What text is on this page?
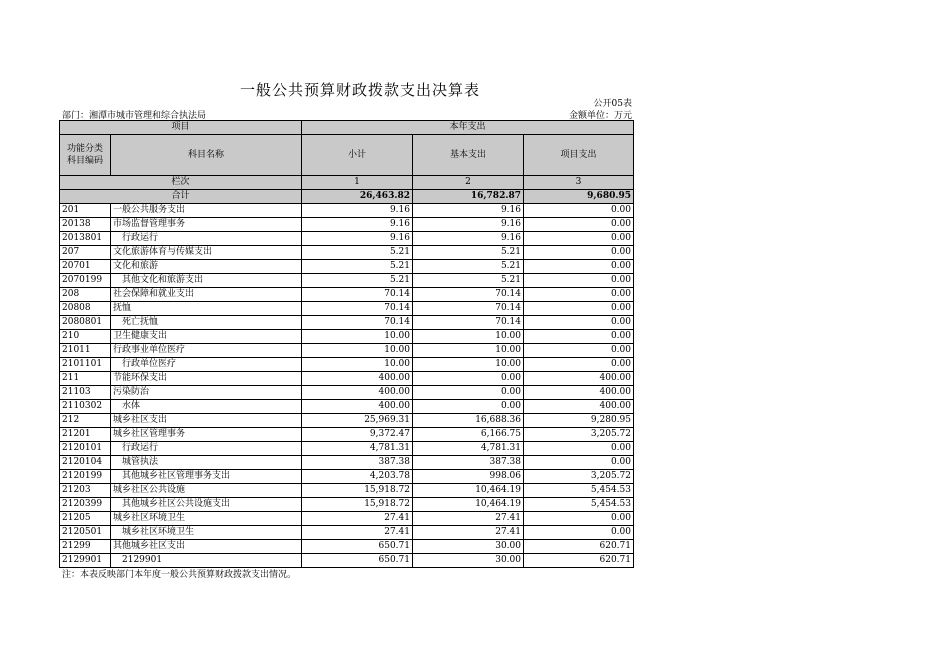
一般公共预算财政拨款支出决算表
公开05表
部门：湘潭市城市管理和综合执法局	金额单位：万元
项目		本年支出		
功能分类
科目编码	科目名称	小计	基本支出	项目支出
栏次		1	2	3
合计		26,463.82	16,782.87	9,680.95
201	一般公共服务支出	9.16	9.16	0.00
20138	市场监督管理事务	9.16	9.16	0.00
2013801	行政运行	9.16	9.16	0.00
207	文化旅游体育与传媒支出	5.21	5.21	0.00
20701	文化和旅游	5.21	5.21	0.00
2070199	其他文化和旅游支出	5.21	5.21	0.00
208	社会保障和就业支出	70.14	70.14	0.00
20808	抚恤	70.14	70.14	0.00
2080801	死亡抚恤	70.14	70.14	0.00
210	卫生健康支出	10.00	10.00	0.00
21011	行政事业单位医疗	10.00	10.00	0.00
2101101	行政单位医疗	10.00	10.00	0.00
211	节能环保支出	400.00	0.00	400.00
21103	污染防治	400.00	0.00	400.00
2110302	水体	400.00	0.00	400.00
212	城乡社区支出	25,969.31	16,688.36	9,280.95
21201	城乡社区管理事务	9,372.47	6,166.75	3,205.72
2120101	行政运行	4,781.31	4,781.31	0.00
2120104	城管执法	387.38	387.38	0.00
2120199	其他城乡社区管理事务支出	4,203.78	998.06	3,205.72
21203	城乡社区公共设施	15,918.72	10,464.19	5,454.53
2120399	其他城乡社区公共设施支出	15,918.72	10,464.19	5,454.53
21205	城乡社区环境卫生	27.41	27.41	0.00
2120501	城乡社区环境卫生	27.41	27.41	0.00
21299	其他城乡社区支出	650.71	30.00	620.71
2129901	2129901	650.71	30.00	620.71
注：本表反映部门本年度一般公共预算财政拨款支出情况。
